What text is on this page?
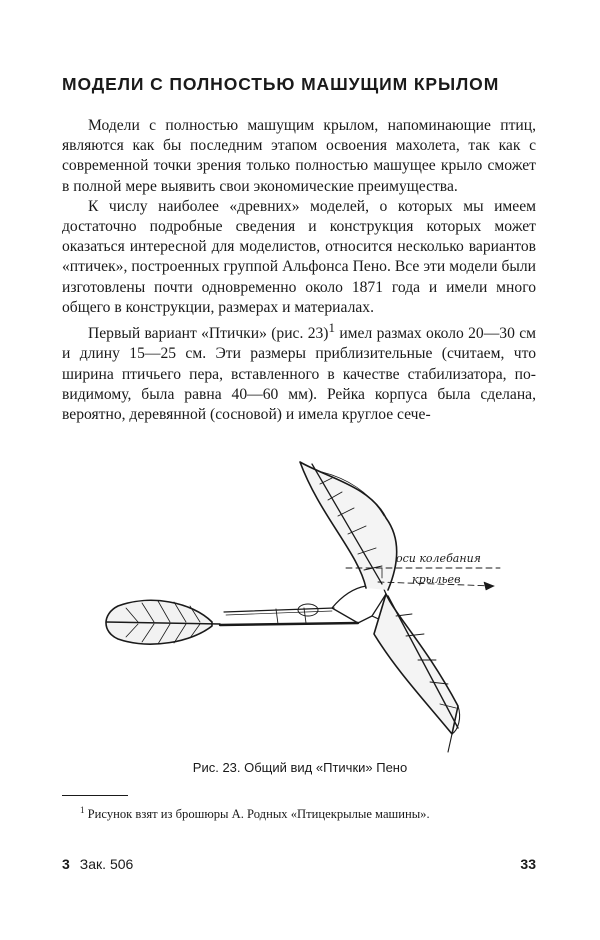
МОДЕЛИ С ПОЛНОСТЬЮ МАШУЩИМ КРЫЛОМ

Модели с полностью машущим крылом, напоминающие птиц, являются как бы последним этапом освоения махолета, так как с современной точки зрения только полностью машущее крыло сможет в полной мере выявить свои экономические преимущества.

К числу наиболее «древних» моделей, о которых мы имеем достаточно подробные сведения и конструкция которых может оказаться интересной для моделистов, относится несколько вариантов «птичек», построенных группой Альфонса Пено. Все эти модели были изготовлены почти одновременно около 1871 года и имели много общего в конструкции, размерах и материалах.

Первый вариант «Птички» (рис. 23)$^1$ имел размах около 20—30 см и длину 15—25 см. Эти размеры приблизительные (считаем, что ширина птичьего пера, вставленного в качестве стабилизатора, по-видимому, была равна 40—60 мм). Рейка корпуса была сделана, вероятно, деревянной (сосновой) и имела круглое сече-

оси колебания
крыльев
Рис. 23. Общий вид «Птички» Пено
$^1$ Рисунок взят из брошюры А. Родных «Птицекрылые машины».
3 Зак. 506	33
